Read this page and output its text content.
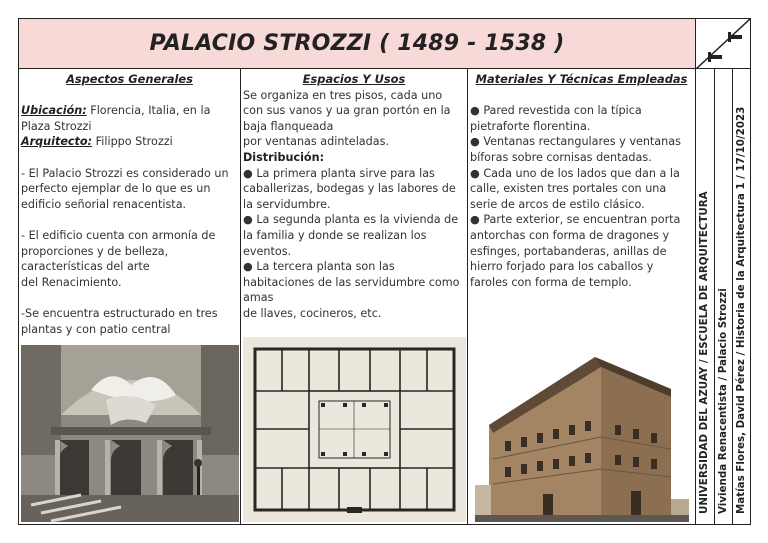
PALACIO STROZZI ( 1489 - 1538 )
Aspectos Generales

Ubicación: Florencia, Italia, en la Plaza Strozzi

Arquitecto: Filippo Strozzi

- El Palacio Strozzi es considerado un perfecto ejemplar de lo que es un edificio señorial renacentista.

- El edificio cuenta con armonía de proporciones y de belleza, características del arte

del Renacimiento.

-Se encuentra estructurado en tres plantas y con patio central

Espacios Y Usos

Se organiza en tres pisos, cada uno con sus vanos y ua gran portón en la baja flanqueada

por ventanas adinteladas.

Distribución:

● La primera planta sirve para las caballerizas, bodegas y las labores de la servidumbre.

● La segunda planta es la vivienda de la familia y donde se realizan los eventos.

● La tercera planta son las habitaciones de las servidumbre como amas

de llaves, cocineros, etc.

Materiales Y Técnicas Empleadas

● Pared revestida con la típica pietraforte florentina.

● Ventanas rectangulares y ventanas bíforas sobre cornisas dentadas.

● Cada uno de los lados que dan a la calle, existen tres portales con una serie de arcos de estilo clásico.

● Parte exterior, se encuentran porta antorchas con forma de dragones y esfinges, portabanderas, anillas de hierro forjado para los caballos y faroles con forma de templo.	UNIVERSIDAD DEL AZUAY / ESCUELA DE ARQUITECTURA Vivienda Renacentista / Palacio Strozzi Matías Flores, David Pérez / Historia de la Arquitectura 1 / 17/10/2023
